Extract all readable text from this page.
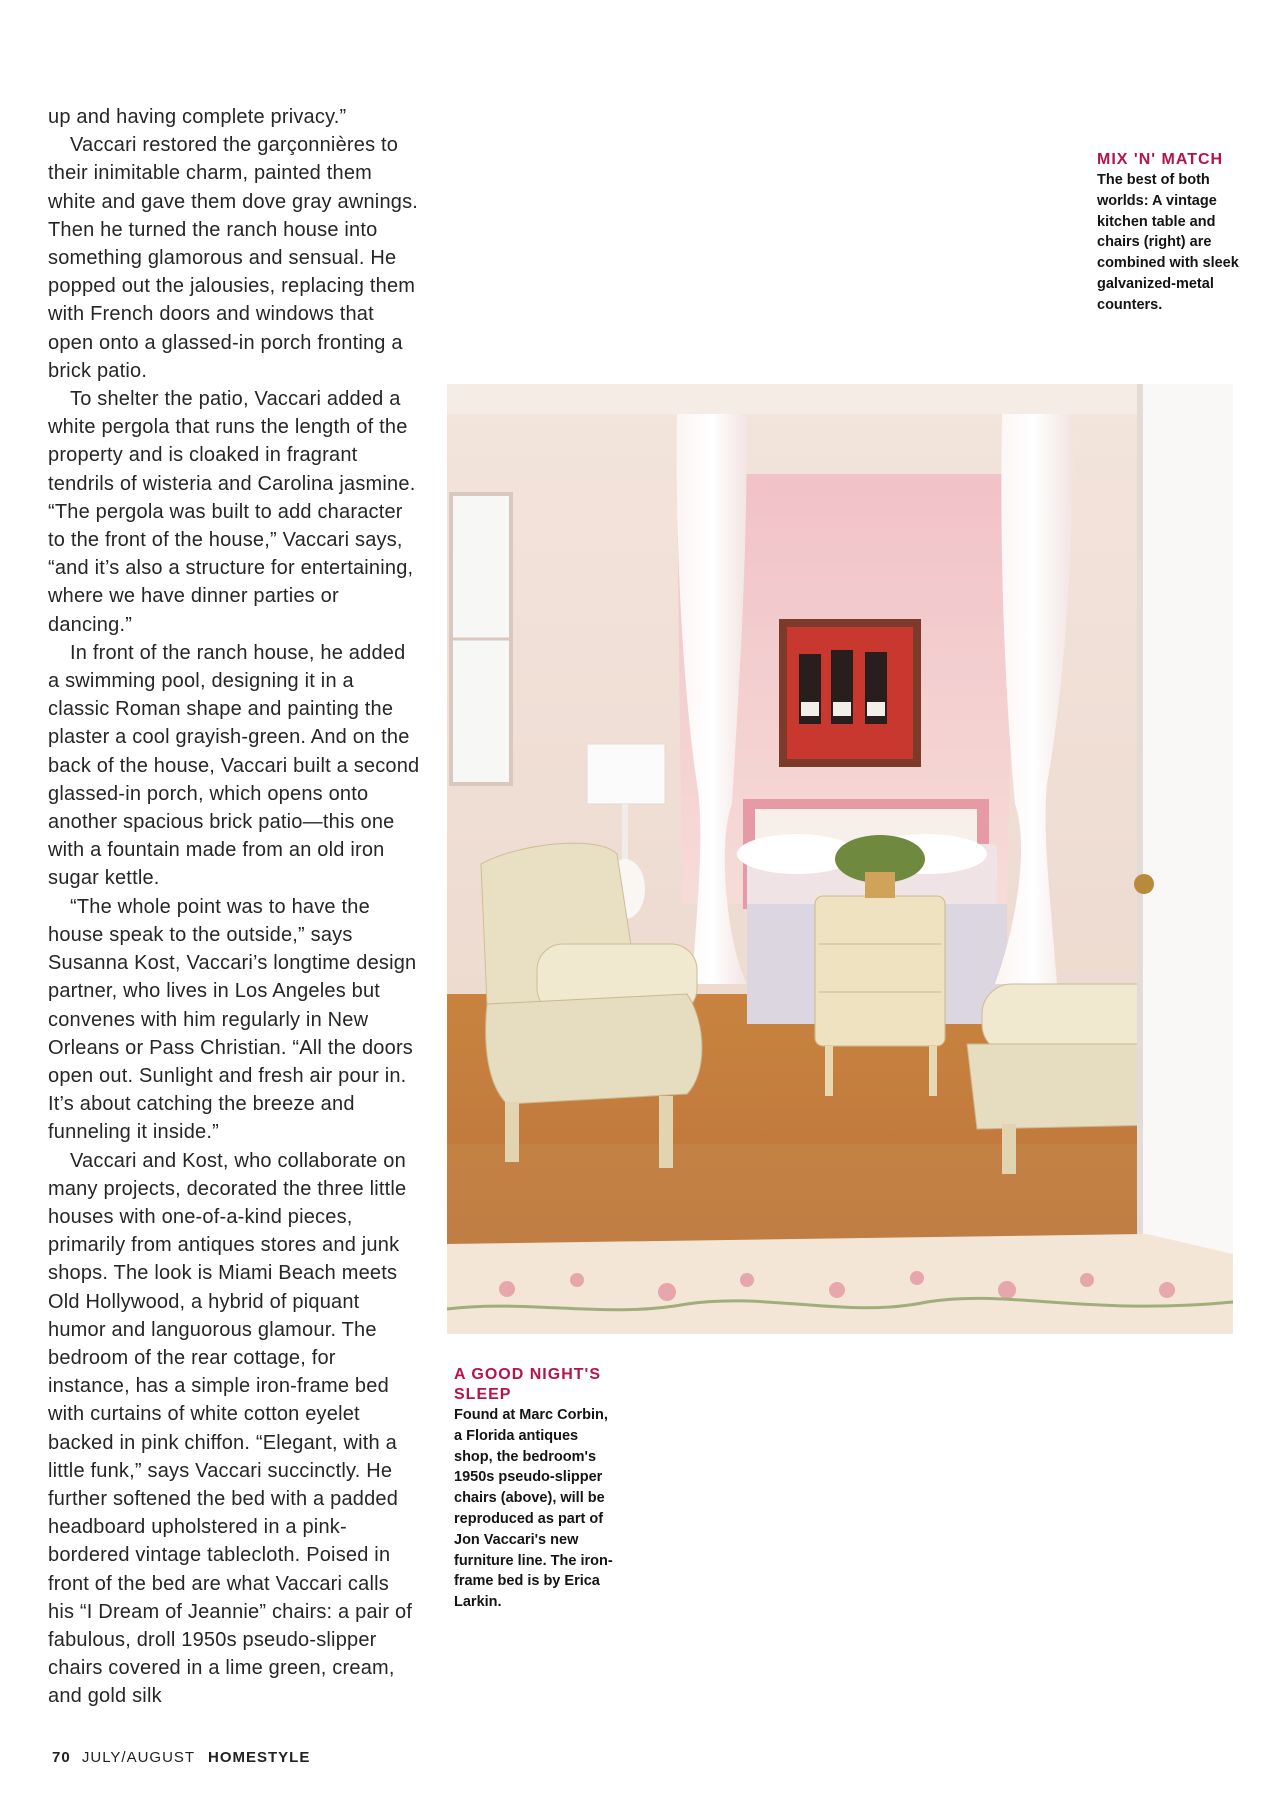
up and having complete privacy.”

Vaccari restored the garçonnières to their inimitable charm, painted them white and gave them dove gray awnings. Then he turned the ranch house into something glamorous and sensual. He popped out the jalousies, replacing them with French doors and windows that open onto a glassed-in porch fronting a brick patio.

To shelter the patio, Vaccari added a white pergola that runs the length of the property and is cloaked in fragrant tendrils of wisteria and Carolina jasmine. “The pergola was built to add character to the front of the house,” Vaccari says, “and it’s also a structure for entertaining, where we have dinner parties or dancing.”

In front of the ranch house, he added a swimming pool, designing it in a classic Roman shape and painting the plaster a cool grayish-green. And on the back of the house, Vaccari built a second glassed-in porch, which opens onto another spacious brick patio—this one with a fountain made from an old iron sugar kettle.

“The whole point was to have the house speak to the outside,” says Susanna Kost, Vaccari’s longtime design partner, who lives in Los Angeles but convenes with him regularly in New Orleans or Pass Christian. “All the doors open out. Sunlight and fresh air pour in. It’s about catching the breeze and funneling it inside.”

Vaccari and Kost, who collaborate on many projects, decorated the three little houses with one-of-a-kind pieces, primarily from antiques stores and junk shops. The look is Miami Beach meets Old Hollywood, a hybrid of piquant humor and languorous glamour. The bedroom of the rear cottage, for instance, has a simple iron-frame bed with curtains of white cotton eyelet backed in pink chiffon. “Elegant, with a little funk,” says Vaccari succinctly. He further softened the bed with a padded headboard upholstered in a pink-bordered vintage tablecloth. Poised in front of the bed are what Vaccari calls his “I Dream of Jeannie” chairs: a pair of fabulous, droll 1950s pseudo-slipper chairs covered in a lime green, cream, and gold silk

MIX 'N' MATCH
The best of both worlds: A vintage kitchen table and chairs (right) are combined with sleek galvanized-metal counters.
A GOOD NIGHT'S SLEEP
Found at Marc Corbin, a Florida antiques shop, the bedroom's 1950s pseudo-slipper chairs (above), will be reproduced as part of Jon Vaccari's new furniture line. The iron-frame bed is by Erica Larkin.
70 JULY/AUGUST HOMESTYLE
